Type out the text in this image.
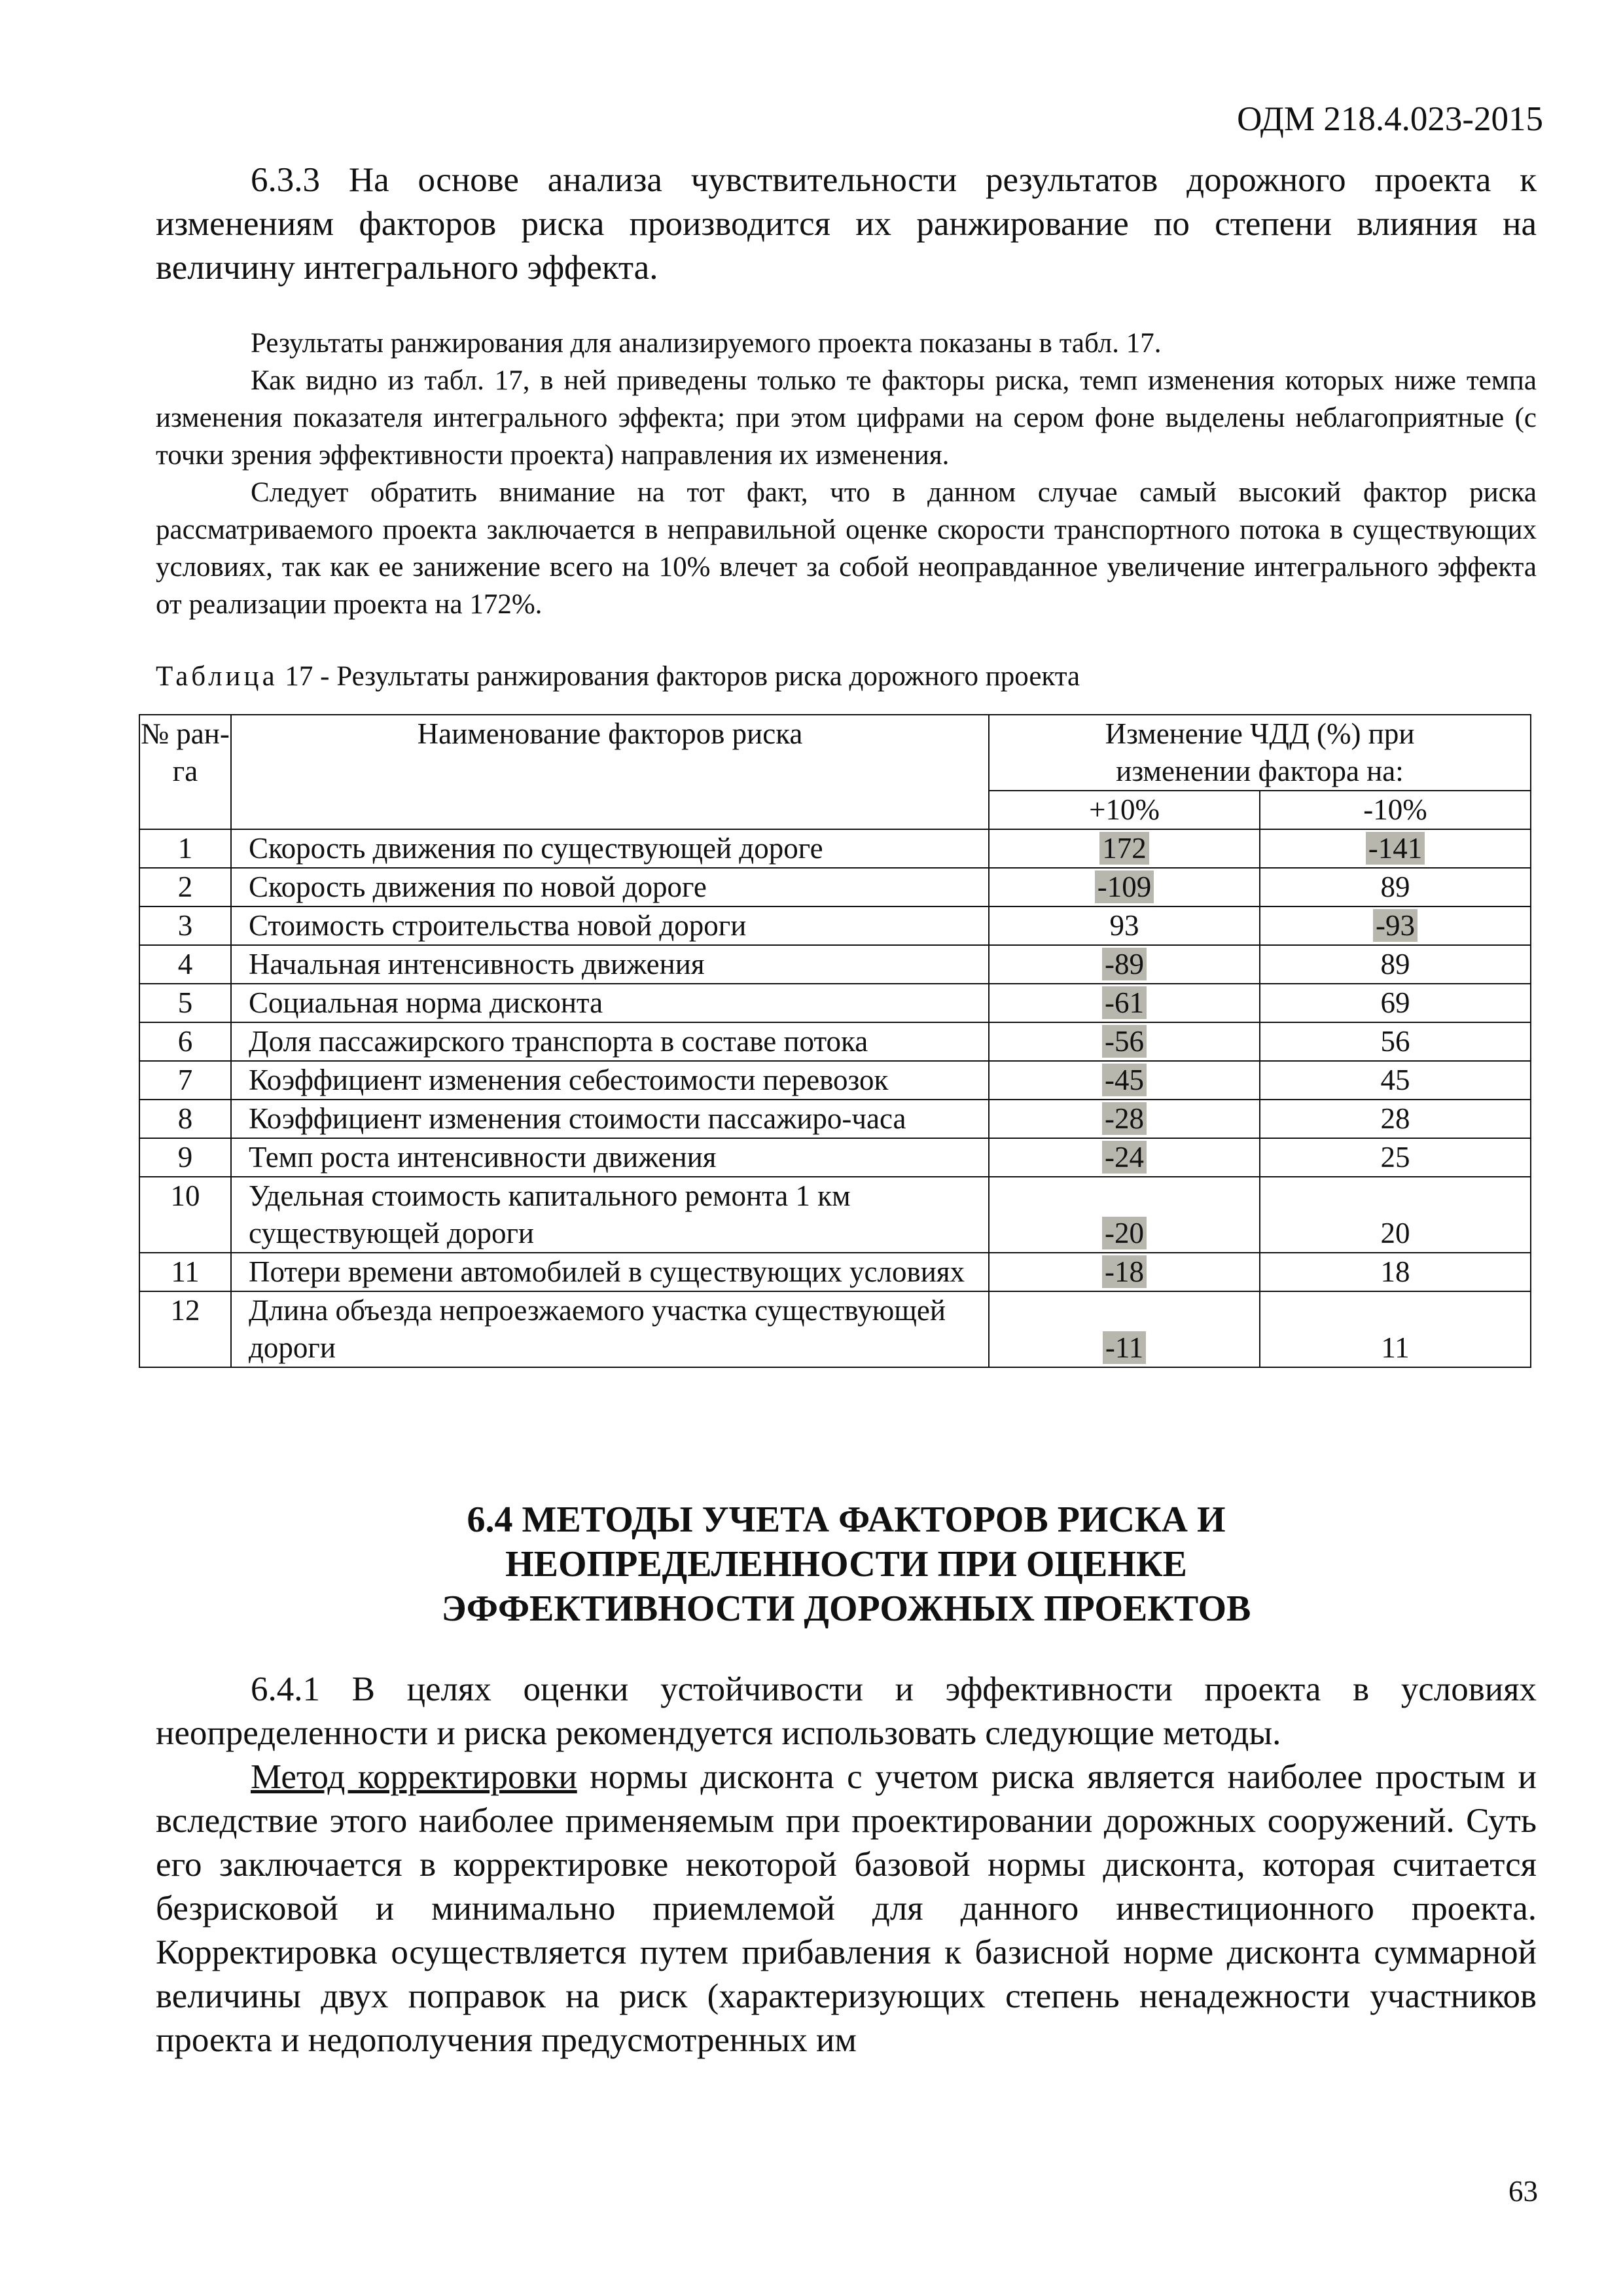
ОДМ 218.4.023-2015

6.3.3 На основе анализа чувствительности результатов дорожного проекта к изменениям факторов риска производится их ранжирование по степени влияния на величину интегрального эффекта.

Результаты ранжирования для анализируемого проекта показаны в табл. 17.

Как видно из табл. 17, в ней приведены только те факторы риска, темп изменения которых ниже темпа изменения показателя интегрального эффекта; при этом цифрами на сером фоне выделены неблагоприятные (с точки зрения эффективности проекта) направления их изменения.

Следует обратить внимание на тот факт, что в данном случае самый высокий фактор риска рассматриваемого проекта заключается в неправильной оценке скорости транспортного потока в существующих условиях, так как ее занижение всего на 10% влечет за собой неоправданное увеличение интегрального эффекта от реализации проекта на 172%.

Таблица 17 - Результаты ранжирования факторов риска дорожного проекта

№ ран- га	Наименование факторов риска	Изменение ЧДД (%) при изменении фактора на:	
		+10%	-10%
1	Скорость движения по существующей дороге	172	-141
2	Скорость движения по новой дороге	-109	89
3	Стоимость строительства новой дороги	93	-93
4	Начальная интенсивность движения	-89	89
5	Социальная норма дисконта	-61	69
6	Доля пассажирского транспорта в составе потока	-56	56
7	Коэффициент изменения себестоимости перевозок	-45	45
8	Коэффициент изменения стоимости пассажиро-часа	-28	28
9	Темп роста интенсивности движения	-24	25
10	Удельная стоимость капитального ремонта 1 км существующей дороги	-20	20
11	Потери времени автомобилей в существующих условиях	-18	18
12	Длина объезда непроезжаемого участка существующей дороги	-11	11
6.4 МЕТОДЫ УЧЕТА ФАКТОРОВ РИСКА И
НЕОПРЕДЕЛЕННОСТИ ПРИ ОЦЕНКЕ
ЭФФЕКТИВНОСТИ ДОРОЖНЫХ ПРОЕКТОВ

6.4.1 В целях оценки устойчивости и эффективности проекта в условиях неопределенности и риска рекомендуется использовать следующие методы.

Метод корректировки нормы дисконта с учетом риска является наиболее простым и вследствие этого наиболее применяемым при проектировании дорожных сооружений. Суть его заключается в корректировке некоторой базовой нормы дисконта, которая считается безрисковой и минимально приемлемой для данного инвестиционного проекта. Корректировка осуществляется путем прибавления к базисной норме дисконта суммарной величины двух поправок на риск (характеризующих степень ненадежности участников проекта и недополучения предусмотренных им

63
